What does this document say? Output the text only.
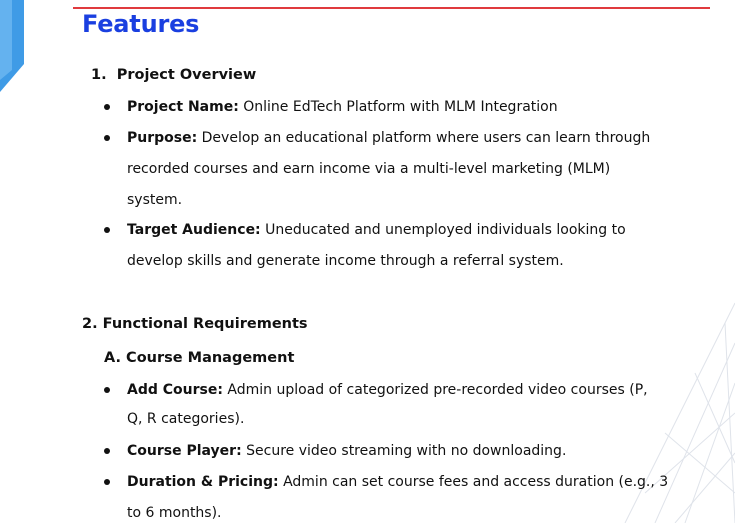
Features
1. Project Overview
Project Name: Online EdTech Platform with MLM Integration
Purpose: Develop an educational platform where users can learn through
recorded courses and earn income via a multi-level marketing (MLM)
system.
Target Audience: Uneducated and unemployed individuals looking to
develop skills and generate income through a referral system.
2. Functional Requirements
A. Course Management
Add Course: Admin upload of categorized pre-recorded video courses (P,
Q, R categories).
Course Player: Secure video streaming with no downloading.
Duration & Pricing: Admin can set course fees and access duration (e.g., 3
to 6 months).
